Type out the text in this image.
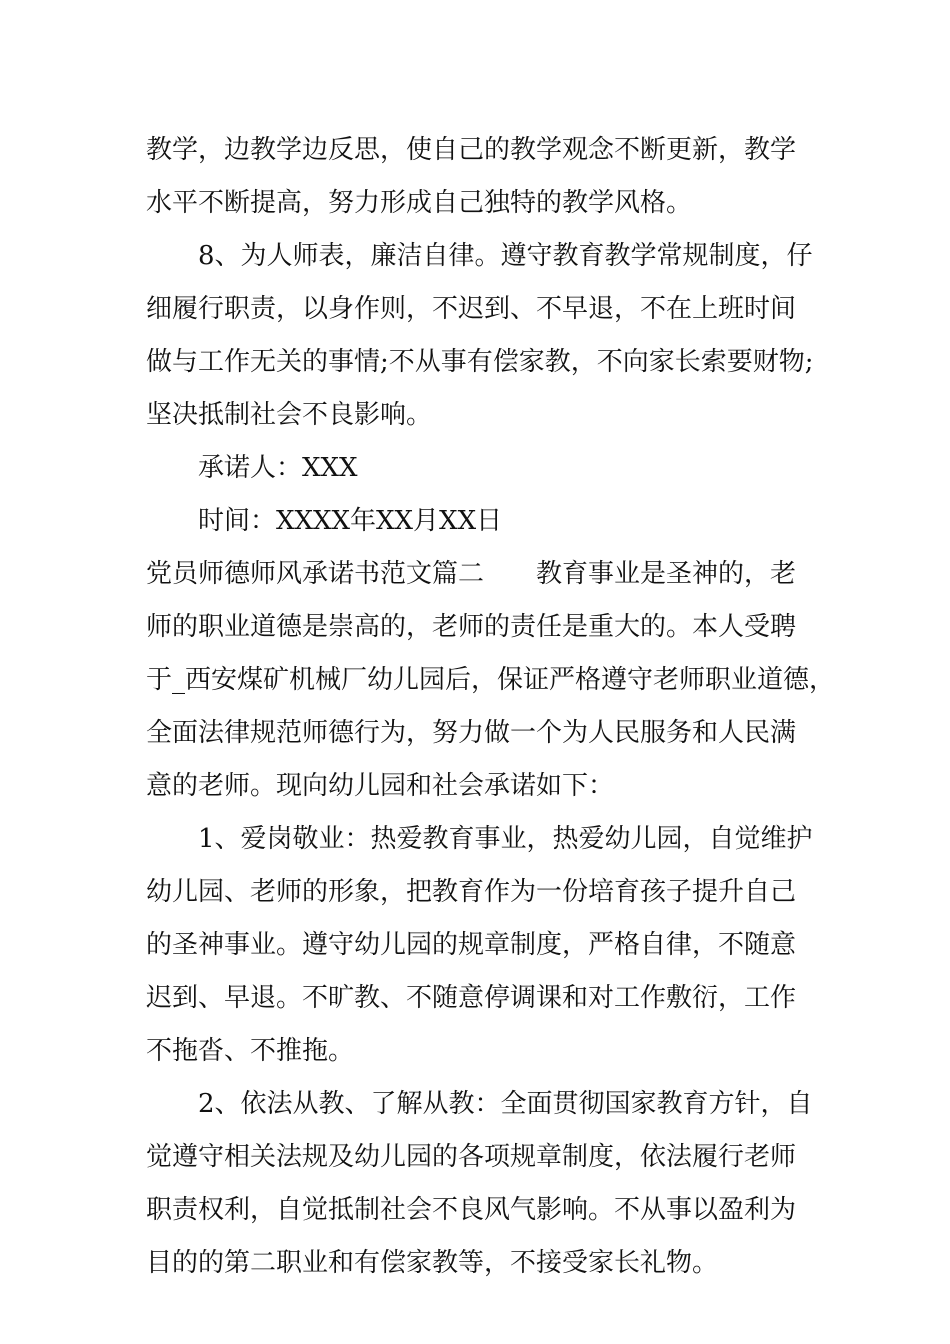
教学，边教学边反思，使自己的教学观念不断更新，教学
水平不断提高，努力形成自己独特的教学风格。

8、为人师表，廉洁自律。遵守教育教学常规制度，仔
细履行职责，以身作则，不迟到、不早退，不在上班时间
做与工作无关的事情;不从事有偿家教，不向家长索要财物;
坚决抵制社会不良影响。

承诺人：XXX

时间：XXXX年XX月XX日

党员师德师风承诺书范文篇二　　教育事业是圣神的，老
师的职业道德是崇高的，老师的责任是重大的。本人受聘
于_西安煤矿机械厂幼儿园后，保证严格遵守老师职业道德，
全面法律规范师德行为，努力做一个为人民服务和人民满
意的老师。现向幼儿园和社会承诺如下：

1、爱岗敬业：热爱教育事业，热爱幼儿园，自觉维护
幼儿园、老师的形象，把教育作为一份培育孩子提升自己
的圣神事业。遵守幼儿园的规章制度，严格自律，不随意
迟到、早退。不旷教、不随意停调课和对工作敷衍，工作
不拖沓、不推拖。

2、依法从教、了解从教：全面贯彻国家教育方针，自
觉遵守相关法规及幼儿园的各项规章制度，依法履行老师
职责权利，自觉抵制社会不良风气影响。不从事以盈利为
目的的第二职业和有偿家教等，不接受家长礼物。
